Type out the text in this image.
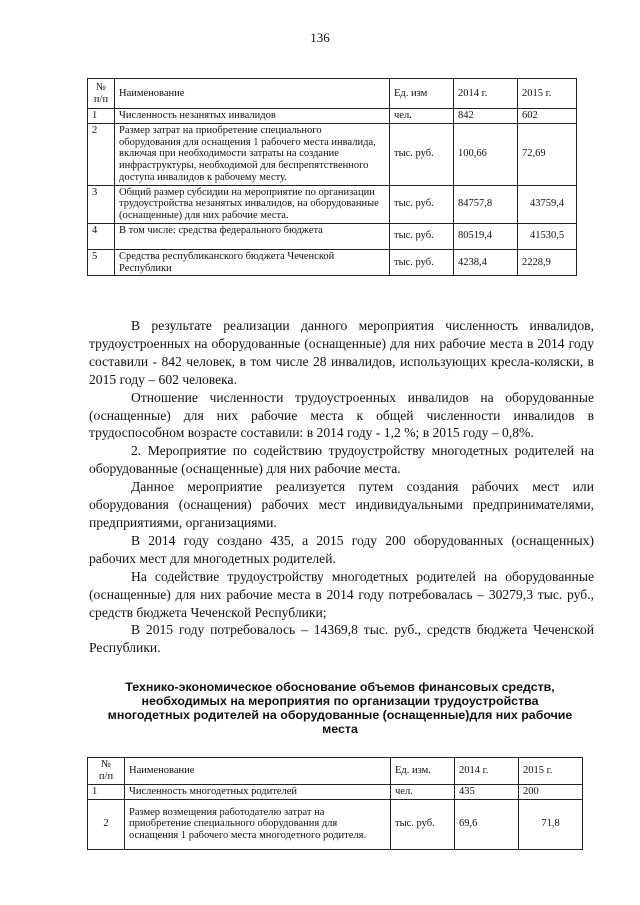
136
№
п/п	Наименование	Ед. изм	2014 г.	2015 г.
1	Численность незанятых инвалидов	чел.	842	602
2	Размер затрат на приобретение специального оборудования для оснащения 1 рабочего места инвалида, включая при необходимости затраты на создание инфраструктуры, необходимой для беспрепятственного доступа инвалидов к рабочему месту.	тыс. руб.	100,66	72,69
3	Общий размер субсидии на мероприятие по организации трудоустройства незанятых инвалидов, на оборудованные (оснащенные) для них рабочие места.	тыс. руб.	84757,8	43759,4
4	В том числе: средства федерального бюджета	тыс. руб.	80519,4	41530,5
5	Средства республиканского бюджета Чеченской Республики	тыс. руб.	4238,4	2228,9

В результате реализации данного мероприятия численность инвалидов, трудоустроенных на оборудованные (оснащенные) для них рабочие места в 2014 году составили - 842 человек, в том числе 28 инвалидов, использующих кресла-коляски, в 2015 году – 602 человека.

Отношение численности трудоустроенных инвалидов на оборудованные (оснащенные) для них рабочие места к общей численности инвалидов в трудоспособном возрасте составили: в 2014 году - 1,2 %; в 2015 году – 0,8%.

2. Мероприятие по содействию трудоустройству многодетных родителей на оборудованные (оснащенные) для них рабочие места.

Данное мероприятие реализуется путем создания рабочих мест или оборудования (оснащения) рабочих мест индивидуальными предпринимателями, предприятиями, организациями.

В 2014 году создано 435, а 2015 году 200 оборудованных (оснащенных) рабочих мест для многодетных родителей.

На содействие трудоустройству многодетных родителей на оборудованные (оснащенные) для них рабочие места в 2014 году потребовалась – 30279,3 тыс. руб., средств бюджета Чеченской Республики;

В 2015 году потребовалось – 14369,8 тыс. руб., средств бюджета Чеченской Республики.

Технико-экономическое обоснование объемов финансовых средств, необходимых на мероприятия по организации трудоустройства многодетных родителей на оборудованные (оснащенные)для них рабочие места
№
п/п	Наименование	Ед. изм.	2014 г.	2015 г.
1	Численность многодетных родителей	чел.	435	200
2	Размер возмещения работодателю затрат на приобретение специального оборудования для оснащения 1 рабочего места многодетного родителя.	тыс. руб.	69,6	71,8
